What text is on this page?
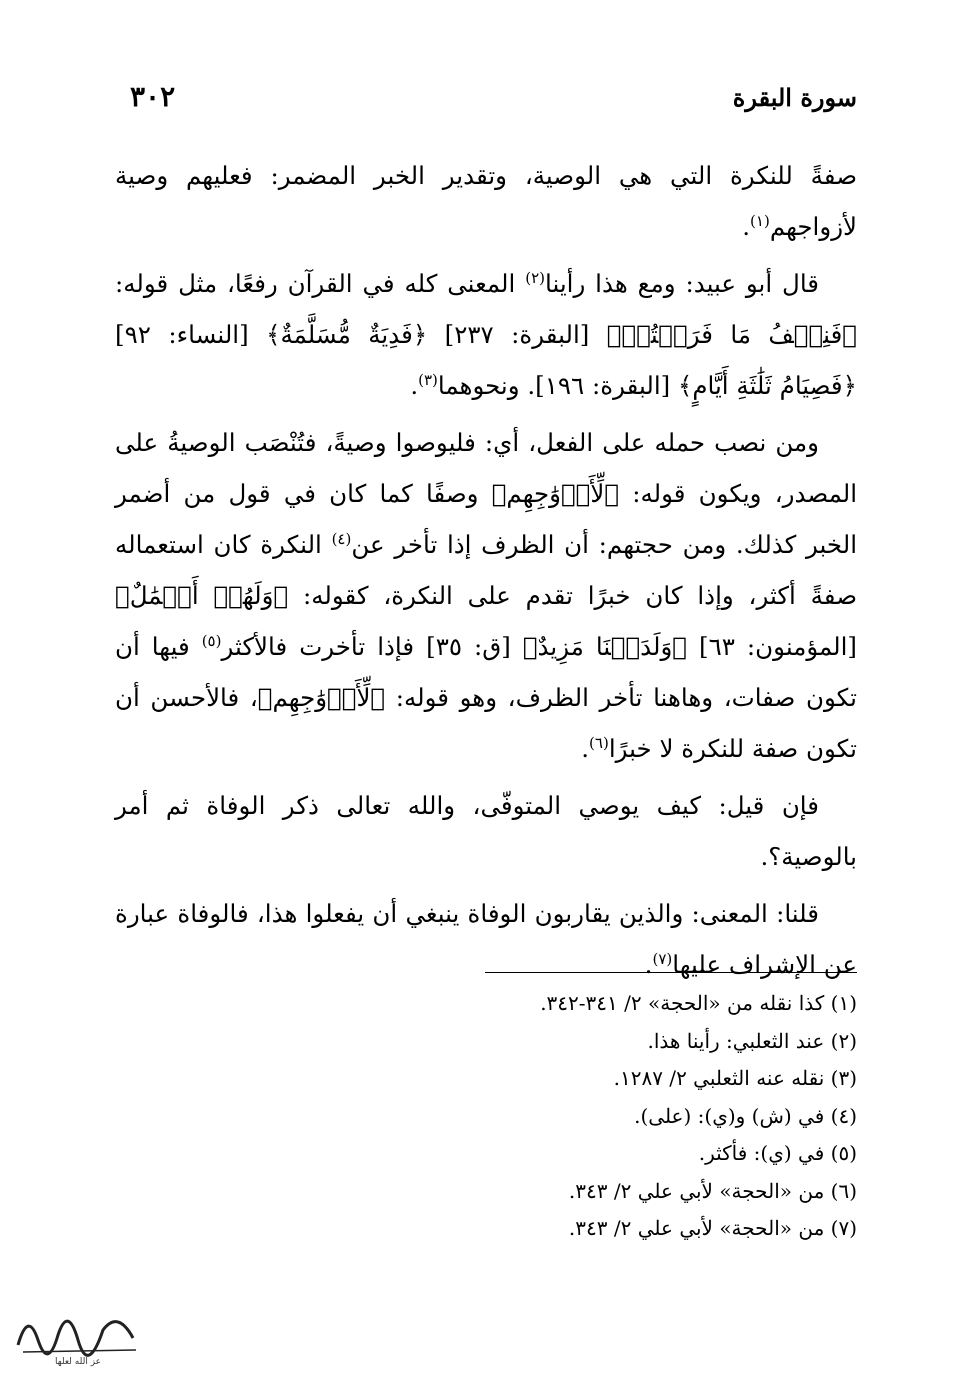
سورة البقرة
٣٠٢

صفةً للنكرة التي هي الوصية، وتقدير الخبر المضمر: فعليهم وصية لأزواجهم$^{(١)}$.

قال أبو عبيد: ومع هذا رأينا$^{(٢)}$ المعنى كله في القرآن رفعًا، مثل قوله: ﴿فَنِصۡفُ مَا فَرَضۡتُمۡ﴾ [البقرة: ٢٣٧] ﴿فَدِيَةٌ مُّسَلَّمَةٌ﴾ [النساء: ٩٢] ﴿فَصِيَامُ ثَلَٰثَةِ أَيَّامٍ﴾ [البقرة: ١٩٦]. ونحوهما$^{(٣)}$.

ومن نصب حمله على الفعل، أي: فليوصوا وصيةً، فتُنْصَب الوصيةُ على المصدر، ويكون قوله: ﴿لِّأَزۡوَٰجِهِم﴾ وصفًا كما كان في قول من أضمر الخبر كذلك. ومن حجتهم: أن الظرف إذا تأخر عن$^{(٤)}$ النكرة كان استعماله صفةً أكثر، وإذا كان خبرًا تقدم على النكرة، كقوله: ﴿وَلَهُمۡ أَعۡمَٰلٌ﴾ [المؤمنون: ٦٣] ﴿وَلَدَيۡنَا مَزِيدٌ﴾ [ق: ٣٥] فإذا تأخرت فالأكثر$^{(٥)}$ فيها أن تكون صفات، وهاهنا تأخر الظرف، وهو قوله: ﴿لِّأَزۡوَٰجِهِم﴾، فالأحسن أن تكون صفة للنكرة لا خبرًا$^{(٦)}$.

فإن قيل: كيف يوصي المتوفّى، والله تعالى ذكر الوفاة ثم أمر بالوصية؟.

قلنا: المعنى: والذين يقاربون الوفاة ينبغي أن يفعلوا هذا، فالوفاة عبارة عن الإشراف عليها$^{(٧)}$.

(١) كذا نقله من «الحجة» ٢/ ٣٤١-٣٤٢.
(٢) عند الثعلبي: رأينا هذا.
(٣) نقله عنه الثعلبي ٢/ ١٢٨٧.
(٤) في (ش) و(ي): (على).
(٥) في (ي): فأكثر.
(٦) من «الحجة» لأبي علي ٢/ ٣٤٣.
(٧) من «الحجة» لأبي علي ٢/ ٣٤٣.
عز الله لعلها
